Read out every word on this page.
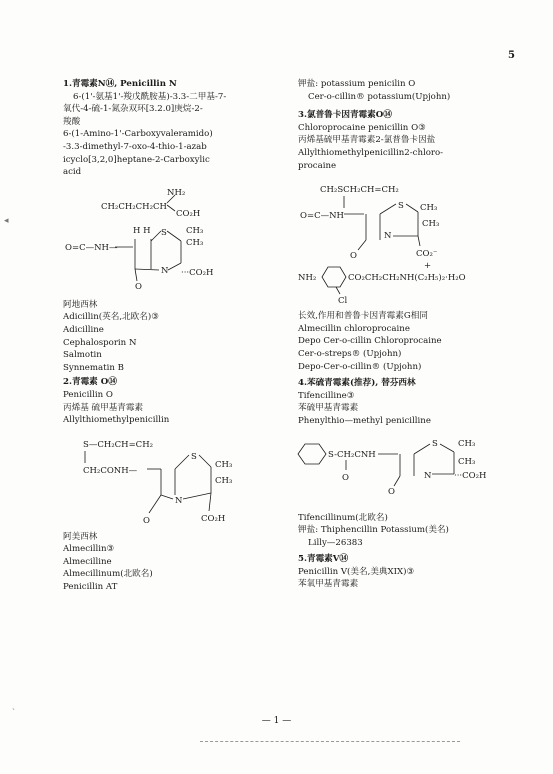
5
◂
ˎ
1.青霉素N⑭, Penicillin N
6-(1'-氨基1'-羧戊酰胺基)-3.3-二甲基-7-
氧代-4-硫-1-氮杂双环[3.2.0]庚烷-2-
羧酸
6-(1-Amino-1'-Carboxyvaleramido)
-3.3-dimethyl-7-oxo-4-thio-1-azab
icyclo[3,2,0]heptane-2-Carboxylic
acid
NH₂
CH₂CH₂CH₂CH
CO₂H
H H S CH₃
CH₃
O=C—NH—
N ···CO₂H
O
阿地西林
Adicillin(英名,北欧名)③
Adicilline
Cephalosporin N
Salmotin
Synnematin B
2.青霉素 O⑭
Penicillin O
丙烯基 硫甲基青霉素
Allylthiomethylpenicillin
S—CH₂CH=CH₂
CH₂CONH—
S
CH₃
CH₃
N
O	CO₂H
阿美西林
Almecillin③
Almecilline
Almecillinum(北欧名)
Penicillin AT
钾盐: potassium penicilin O
Cer-o-cillin® potassium(Upjohn)
3.氯普鲁卡因青霉素O⑭
Chloroprocaine penicillin O③
丙烯基硫甲基青霉素2-氯普鲁卡因盐
Allylthiomethylpenicillin2-chloro-
procaine
CH₂SCH₂CH=CH₂
O=C—NH
S CH₃
CH₃
N
O	CO₂⁻
+
NH₂	CO₂CH₂CH₂NH(C₂H₅)₂·H₂O
Cl
长效,作用和普鲁卡因青霉素G相同
Almecillin chloroprocaine
Depo Cer-o-cillin Chloroprocaine
Cer-o-streps® (Upjohn)
Depo-Cer-o-cillin® (Upjohn)
4.苯硫青霉素(推荐), 替芬西林
Tifencilline③
苯硫甲基青霉素
Phenylthio—methyl penicilline
S-CH₂CNH
O
S CH₃
CH₃
N	···CO₂H
O
Tifencillinum(北欧名)
钾盐: Thiphencillin Potassium(美名)
Lilly—26383
5.青霉素V⑭
Penicillin V(美名,美典XIX)③
苯氧甲基青霉素
— 1 —
